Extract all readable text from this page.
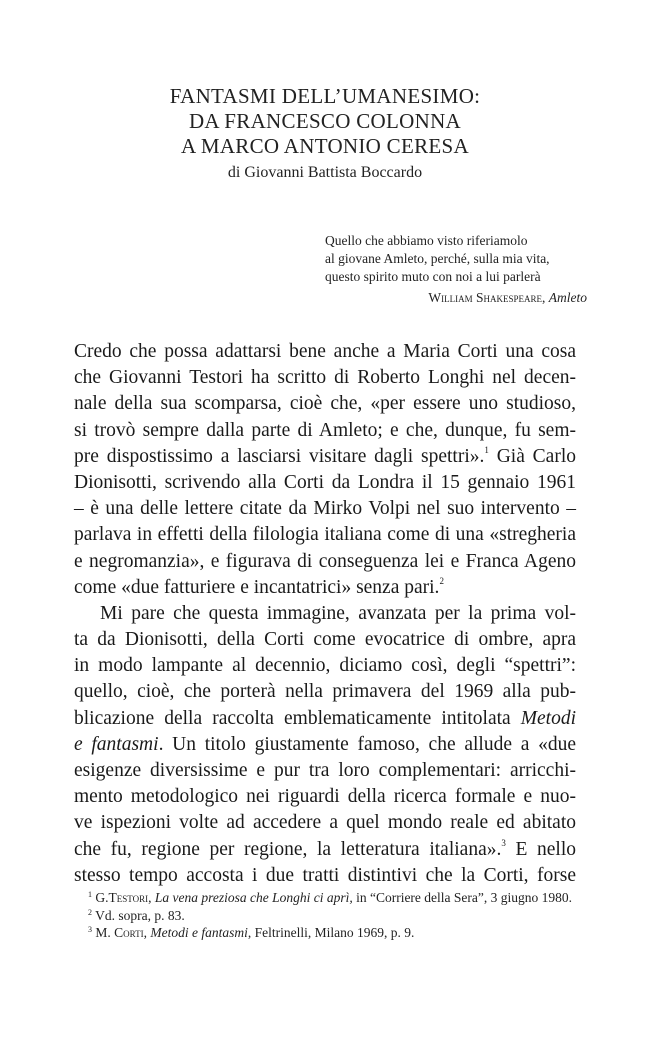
FANTASMI DELL’UMANESIMO:
DA FRANCESCO COLONNA
A MARCO ANTONIO CERESA
di Giovanni Battista Boccardo
Quello che abbiamo visto riferiamolo
al giovane Amleto, perché, sulla mia vita,
questo spirito muto con noi a lui parlerà
William Shakespeare, Amleto
Credo che possa adattarsi bene anche a Maria Corti una cosa
che Giovanni Testori ha scritto di Roberto Longhi nel decen-
nale della sua scomparsa, cioè che, «per essere uno studioso,
si trovò sempre dalla parte di Amleto; e che, dunque, fu sem-
pre dispostissimo a lasciarsi visitare dagli spettri».$^1$ Già Carlo
Dionisotti, scrivendo alla Corti da Londra il 15 gennaio 1961
– è una delle lettere citate da Mirko Volpi nel suo intervento –
parlava in effetti della filologia italiana come di una «stregheria
e negromanzia», e figurava di conseguenza lei e Franca Ageno
come «due fatturiere e incantatrici» senza pari.$^2$
Mi pare che questa immagine, avanzata per la prima vol-
ta da Dionisotti, della Corti come evocatrice di ombre, apra
in modo lampante al decennio, diciamo così, degli “spettri”:
quello, cioè, che porterà nella primavera del 1969 alla pub-
blicazione della raccolta emblematicamente intitolata Metodi
e fantasmi. Un titolo giustamente famoso, che allude a «due
esigenze diversissime e pur tra loro complementari: arricchi-
mento metodologico nei riguardi della ricerca formale e nuo-
ve ispezioni volte ad accedere a quel mondo reale ed abitato
che fu, regione per regione, la letteratura italiana».$^3$ E nello
stesso tempo accosta i due tratti distintivi che la Corti, forse
$^1$ G.Testori, La vena preziosa che Longhi ci aprì, in “Corriere della Sera”, 3 giugno 1980.
$^2$ Vd. sopra, p. 83.
$^3$ M. Corti, Metodi e fantasmi, Feltrinelli, Milano 1969, p. 9.
